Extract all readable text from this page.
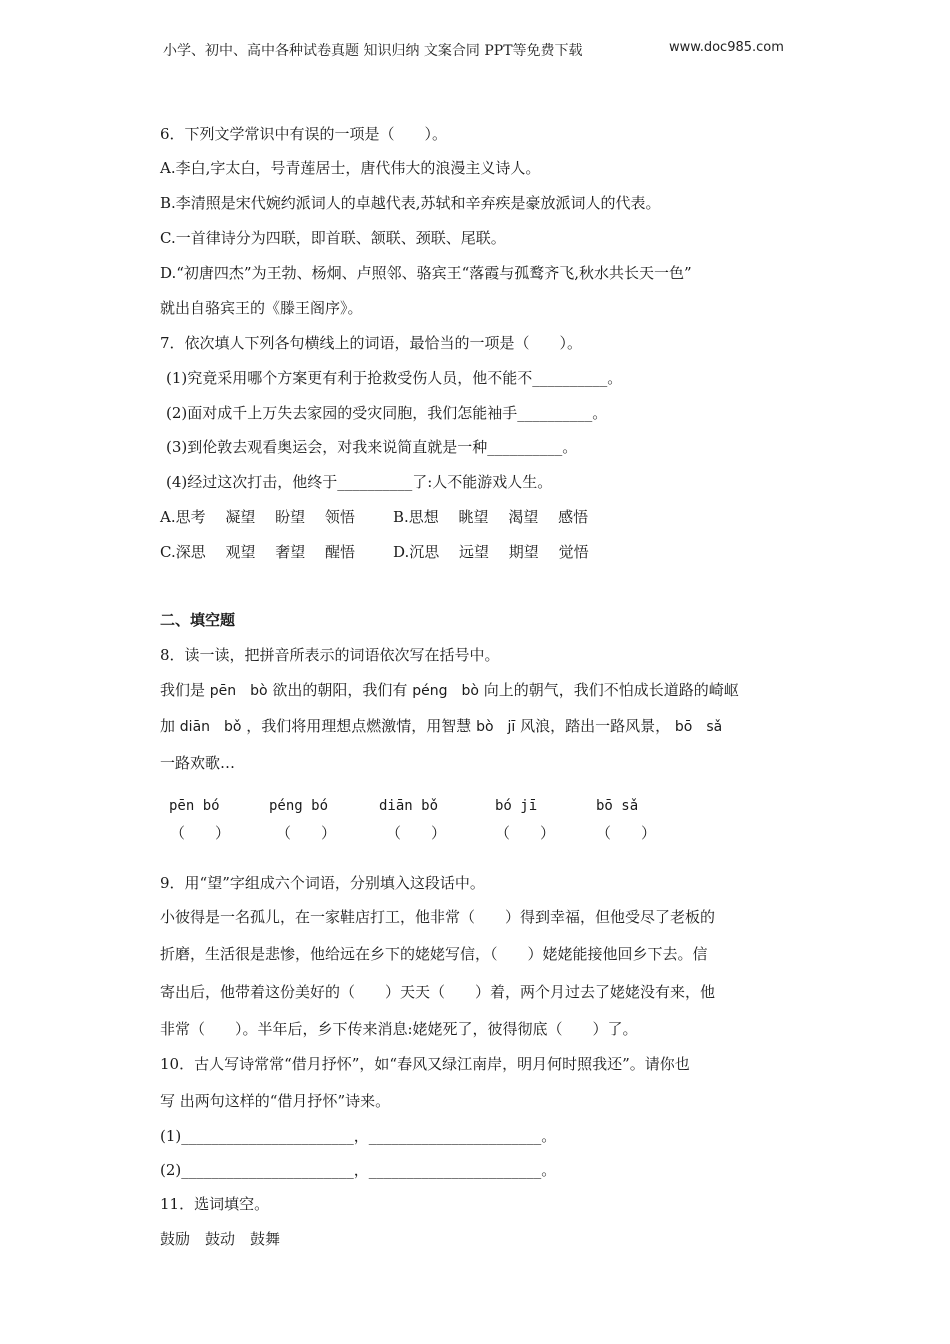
小学、初中、高中各种试卷真题 知识归纳 文案合同 PPT等免费下载	www.doc985.com
6．下列文学常识中有误的一项是（　　）。
A.李白,字太白，号青莲居士，唐代伟大的浪漫主义诗人。
B.李清照是宋代婉约派词人的卓越代表,苏轼和辛弃疾是豪放派词人的代表。
C.一首律诗分为四联，即首联、颔联、颈联、尾联。
D.“初唐四杰”为王勃、杨炯、卢照邻、骆宾王“落霞与孤鹜齐飞,秋水共长天一色”
就出自骆宾王的《滕王阁序》。
7．依次填人下列各句横线上的词语，最恰当的一项是（　　）。
(1)究竟采用哪个方案更有利于抢救受伤人员，他不能不__________。
(2)面对成千上万失去家园的受灾同胞，我们怎能袖手__________。
(3)到伦敦去观看奥运会，对我来说简直就是一种__________。
(4)经过这次打击，他终于__________了:人不能游戏人生。
A.思考　 凝望　 盼望　 领悟	B.思想　 眺望　 渴望　 感悟
C.深思　 观望　 奢望　 醒悟	D.沉思　 远望　 期望　 觉悟
二、填空题
8．读一读，把拼音所表示的词语依次写在括号中。
我们是 pēn　bò 欲出的朝阳，我们有 péng　bò 向上的朝气，我们不怕成长道路的崎岖
加 diān　bǒ ，我们将用理想点燃激情，用智慧 bò　jī 风浪，踏出一路风景， bō　sǎ
一路欢歌…
pēn bó	péng bó	diān bǒ	bó jī	bō sǎ
（　　）	（　　）	（　　）	（　　）	（　　）
9．用“望”字组成六个词语，分别填入这段话中。
小彼得是一名孤儿，在一家鞋店打工，他非常（　　）得到幸福，但他受尽了老板的
折磨，生活很是悲惨，他给远在乡下的姥姥写信，（　　）姥姥能接他回乡下去。信
寄出后，他带着这份美好的（　　）天天（　　）着，两个月过去了姥姥没有来，他
非常（　　）。半年后，乡下传来消息:姥姥死了，彼得彻底（　　）了。
10．古人写诗常常“借月抒怀”，如“春风又绿江南岸，明月何时照我还”。请你也
写 出两句这样的“借月抒怀”诗来。
(1)_______________________，_______________________。
(2)_______________________，_______________________。
11．选词填空。
鼓励　鼓动　鼓舞
